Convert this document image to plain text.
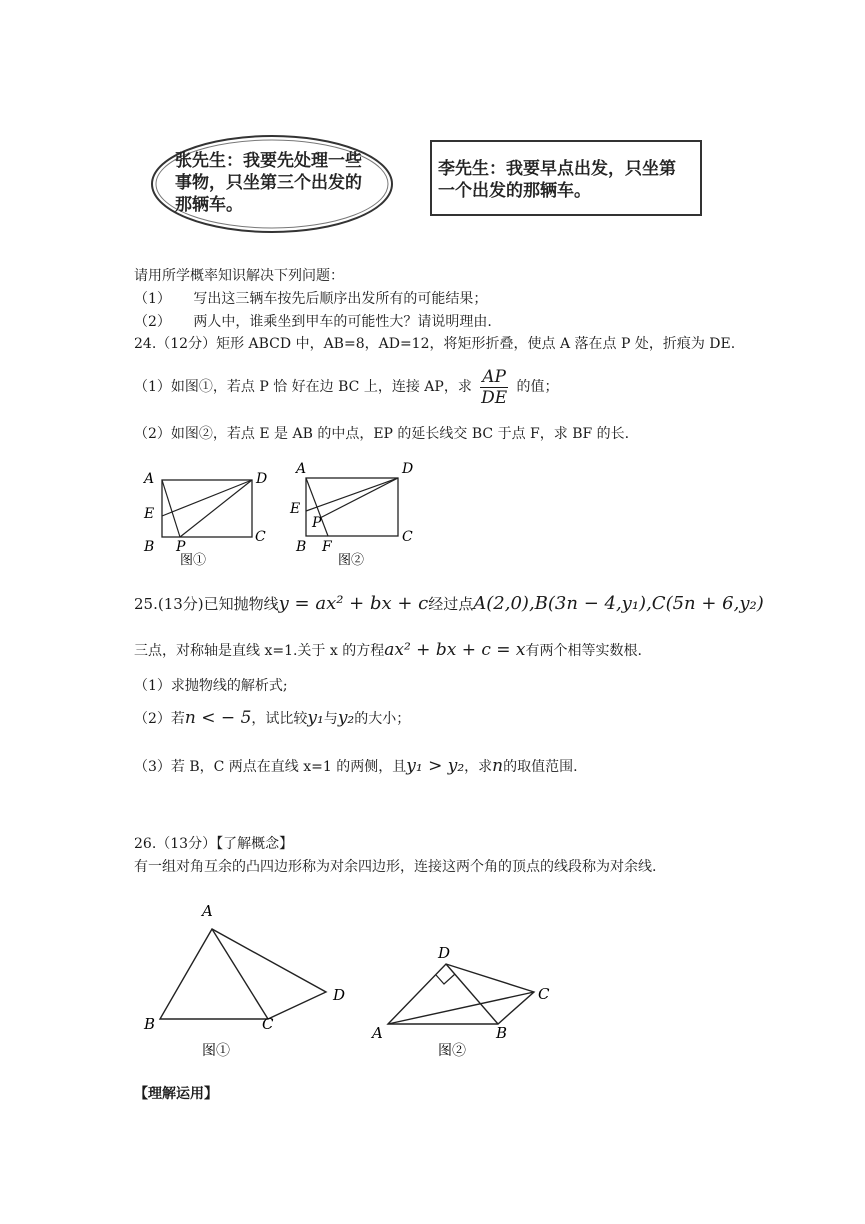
张先生：我要先处理一些
事物，只坐第三个出发的
那辆车。
李先生：我要早点出发，只坐第
一个出发的那辆车。
请用所学概率知识解决下列问题：
（1） 写出这三辆车按先后顺序出发所有的可能结果；
（2） 两人中，谁乘坐到甲车的可能性大？请说明理由.
24.（12分）矩形 ABCD 中，AB=8，AD=12，将矩形折叠，使点 A 落在点 P 处，折痕为 DE.
（1）如图①，若点 P 恰 好在边 BC 上，连接 AP，求 $\frac{AP}{DE}$ 的值；
（2）如图②，若点 E 是 AB 的中点，EP 的延长线交 BC 于点 F，求 BF 的长.
A	D
E
B P
C
图①
A	D
E
P
B F
C
图②
25.(13分)已知抛物线y = ax² + bx + c经过点A(2,0),B(3n − 4,y₁),C(5n + 6,y₂)
三点，对称轴是直线 x=1.关于 x 的方程ax² + bx + c = x有两个相等实数根.
（1）求抛物线的解析式;
（2）若n < − 5，试比较y₁与y₂的大小；
（3）若 B，C 两点在直线 x=1 的两侧，且y₁ > y₂，求n的取值范围.
26.（13分）【了解概念】
有一组对角互余的凸四边形称为对余四边形，连接这两个角的顶点的线段称为对余线.
A
D
B	C
图①
D
C
A	B
图②
【理解运用】
